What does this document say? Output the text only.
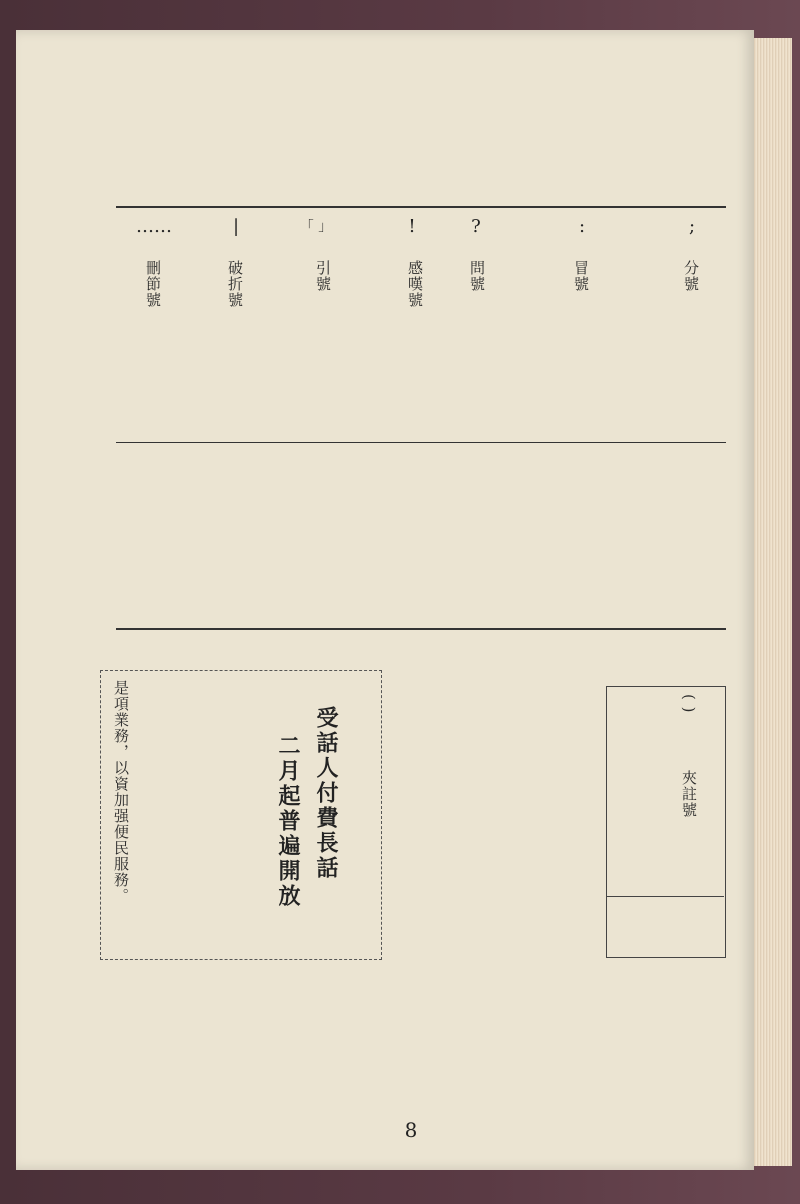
;
:
?
!
「 」
|
……
分號
冒號
問號
感嘆號
引號
破折號
刪節號
( )
夾註號
受話人付費長話
二月起普遍開放
是項業務，以資加强便民服務。
8
